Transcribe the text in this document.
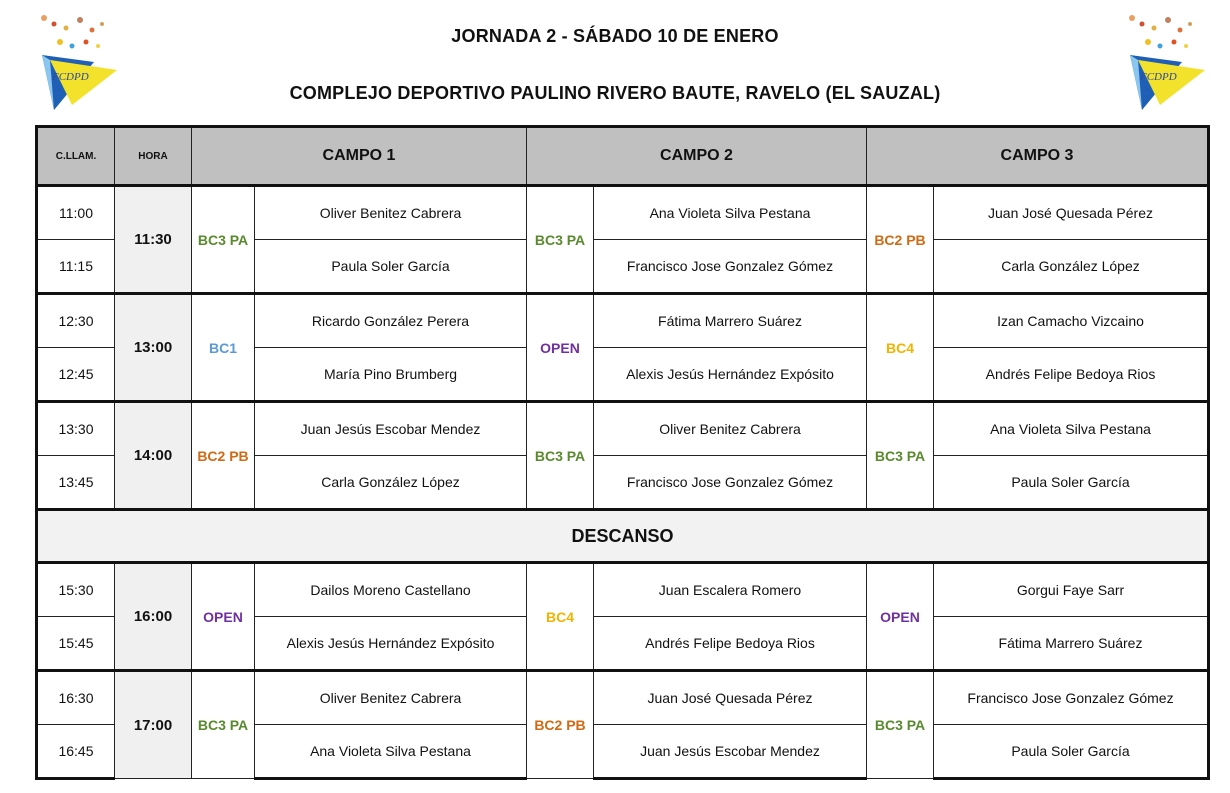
JORNADA 2 - SÁBADO 10 DE ENERO
COMPLEJO DEPORTIVO PAULINO RIVERO BAUTE, RAVELO (EL SAUZAL)
FCDPD	FCDPD
C.LLAM.	HORA	CAMPO 1		CAMPO 2		CAMPO 3	
11:00	11:30	BC3 PA	Oliver Benitez Cabrera	BC3 PA	Ana Violeta Silva Pestana	BC2 PB	Juan José Quesada Pérez
11:15			Paula Soler García		Francisco Jose Gonzalez Gómez		Carla González López
12:30	13:00	BC1	Ricardo González Perera	OPEN	Fátima Marrero Suárez	BC4	Izan Camacho Vizcaino
12:45			María Pino Brumberg		Alexis Jesús Hernández Expósito		Andrés Felipe Bedoya Rios
13:30	14:00	BC2 PB	Juan Jesús Escobar Mendez	BC3 PA	Oliver Benitez Cabrera	BC3 PA	Ana Violeta Silva Pestana
13:45			Carla González López		Francisco Jose Gonzalez Gómez		Paula Soler García
DESCANSO							
15:30	16:00	OPEN	Dailos Moreno Castellano	BC4	Juan Escalera Romero	OPEN	Gorgui Faye Sarr
15:45			Alexis Jesús Hernández Expósito		Andrés Felipe Bedoya Rios		Fátima Marrero Suárez
16:30	17:00	BC3 PA	Oliver Benitez Cabrera	BC2 PB	Juan José Quesada Pérez	BC3 PA	Francisco Jose Gonzalez Gómez
16:45			Ana Violeta Silva Pestana		Juan Jesús Escobar Mendez		Paula Soler García
